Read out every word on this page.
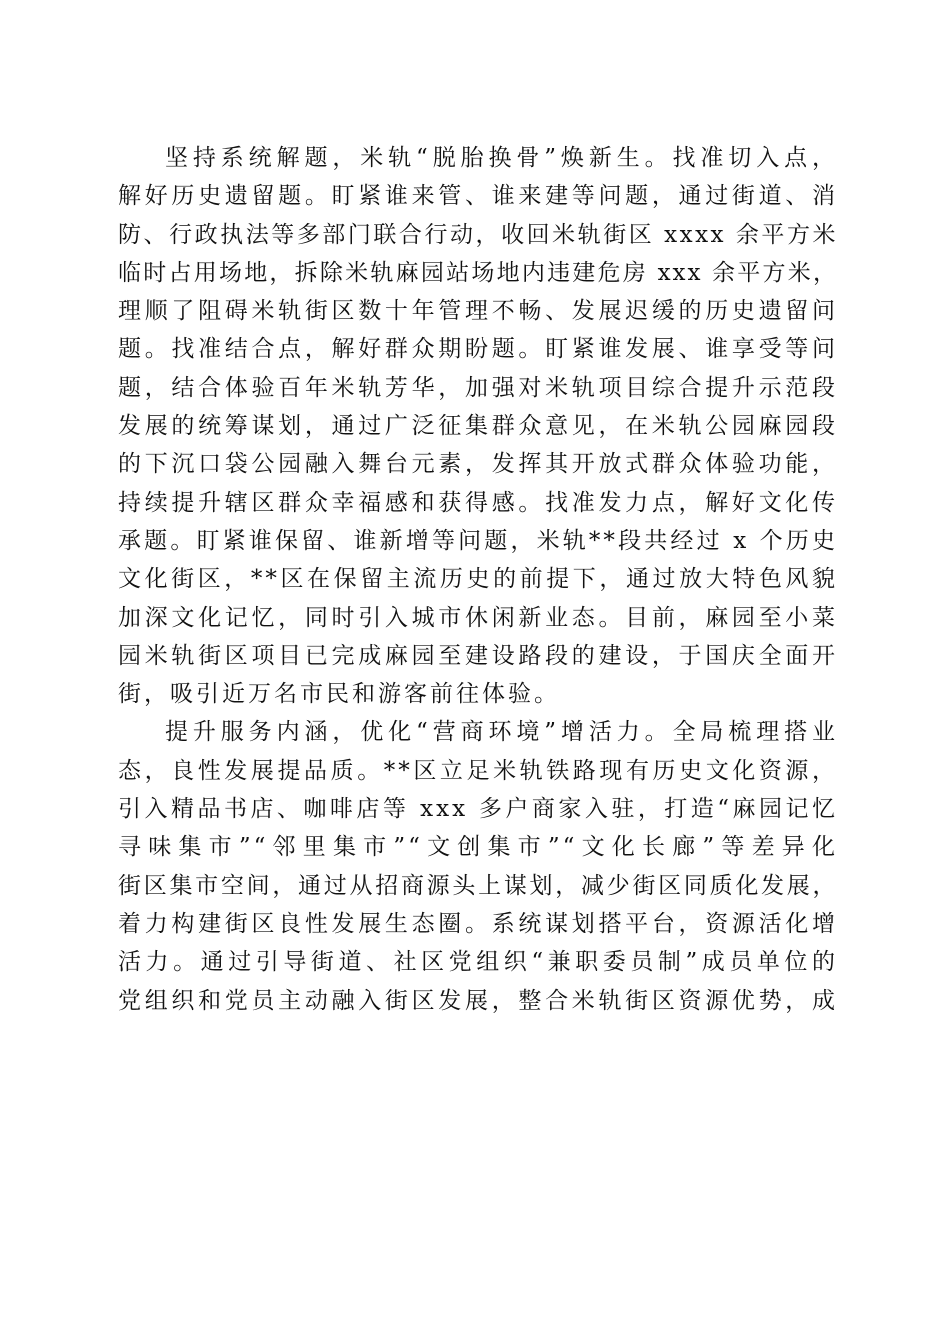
坚持系统解题，米轨“脱胎换骨”焕新生。找准切入点，
解好历史遗留题。盯紧谁来管、谁来建等问题，通过街道、消
防、行政执法等多部门联合行动，收回米轨街区 xxxx 余平方米
临时占用场地，拆除米轨麻园站场地内违建危房 xxx 余平方米，
理顺了阻碍米轨街区数十年管理不畅、发展迟缓的历史遗留问
题。找准结合点，解好群众期盼题。盯紧谁发展、谁享受等问
题，结合体验百年米轨芳华，加强对米轨项目综合提升示范段
发展的统筹谋划，通过广泛征集群众意见，在米轨公园麻园段
的下沉口袋公园融入舞台元素，发挥其开放式群众体验功能，
持续提升辖区群众幸福感和获得感。找准发力点，解好文化传
承题。盯紧谁保留、谁新增等问题，米轨**段共经过 x 个历史
文化街区，**区在保留主流历史的前提下，通过放大特色风貌
加深文化记忆，同时引入城市休闲新业态。目前，麻园至小菜
园米轨街区项目已完成麻园至建设路段的建设，于国庆全面开
街，吸引近万名市民和游客前往体验。
提升服务内涵，优化“营商环境”增活力。全局梳理搭业
态，良性发展提品质。**区立足米轨铁路现有历史文化资源，
引入精品书店、咖啡店等 xxx 多户商家入驻，打造“麻园记忆
寻味集市”“邻里集市”“文创集市”“文化长廊”等差异化
街区集市空间，通过从招商源头上谋划，减少街区同质化发展，
着力构建街区良性发展生态圈。系统谋划搭平台，资源活化增
活力。通过引导街道、社区党组织“兼职委员制”成员单位的
党组织和党员主动融入街区发展，整合米轨街区资源优势，成
